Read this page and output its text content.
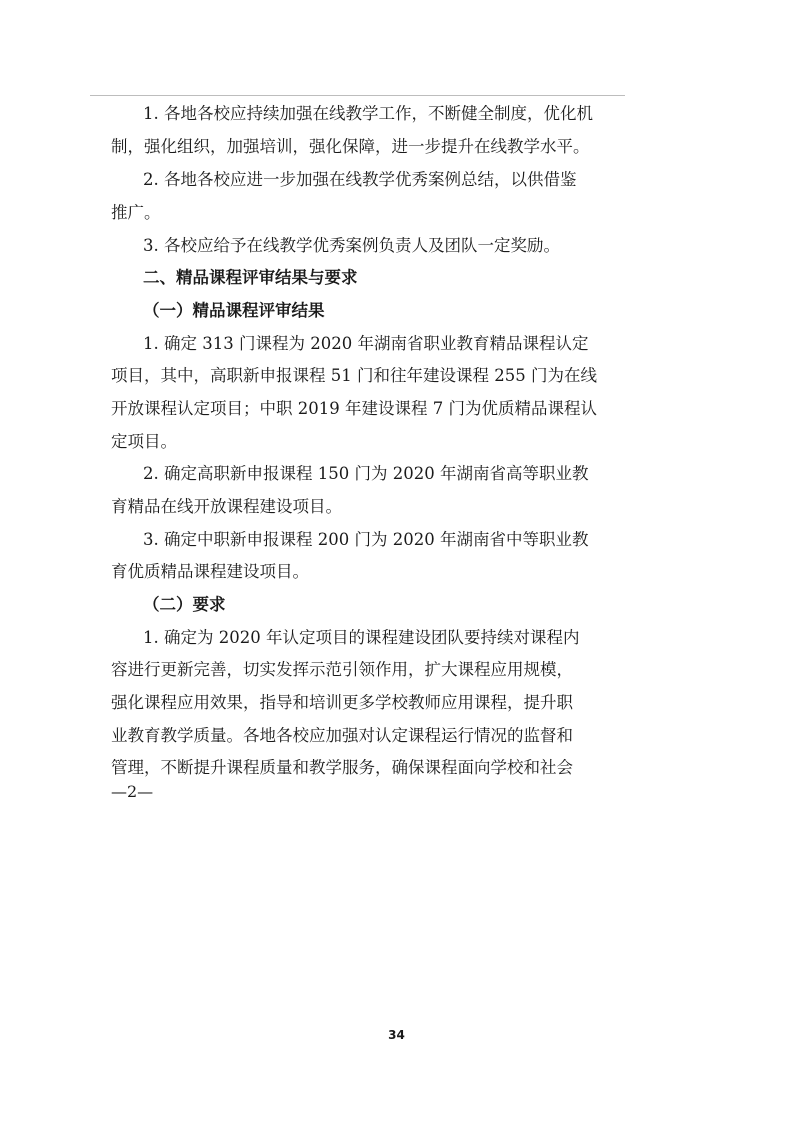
1. 各地各校应持续加强在线教学工作，不断健全制度，优化机
制，强化组织，加强培训，强化保障，进一步提升在线教学水平。
2. 各地各校应进一步加强在线教学优秀案例总结，以供借鉴
推广。
3. 各校应给予在线教学优秀案例负责人及团队一定奖励。
二、精品课程评审结果与要求
（一）精品课程评审结果
1. 确定 313 门课程为 2020 年湖南省职业教育精品课程认定
项目，其中，高职新申报课程 51 门和往年建设课程 255 门为在线
开放课程认定项目；中职 2019 年建设课程 7 门为优质精品课程认
定项目。
2. 确定高职新申报课程 150 门为 2020 年湖南省高等职业教
育精品在线开放课程建设项目。
3. 确定中职新申报课程 200 门为 2020 年湖南省中等职业教
育优质精品课程建设项目。
（二）要求
1. 确定为 2020 年认定项目的课程建设团队要持续对课程内
容进行更新完善，切实发挥示范引领作用，扩大课程应用规模，
强化课程应用效果，指导和培训更多学校教师应用课程，提升职
业教育教学质量。各地各校应加强对认定课程运行情况的监督和
管理，不断提升课程质量和教学服务，确保课程面向学校和社会
—2—
34
